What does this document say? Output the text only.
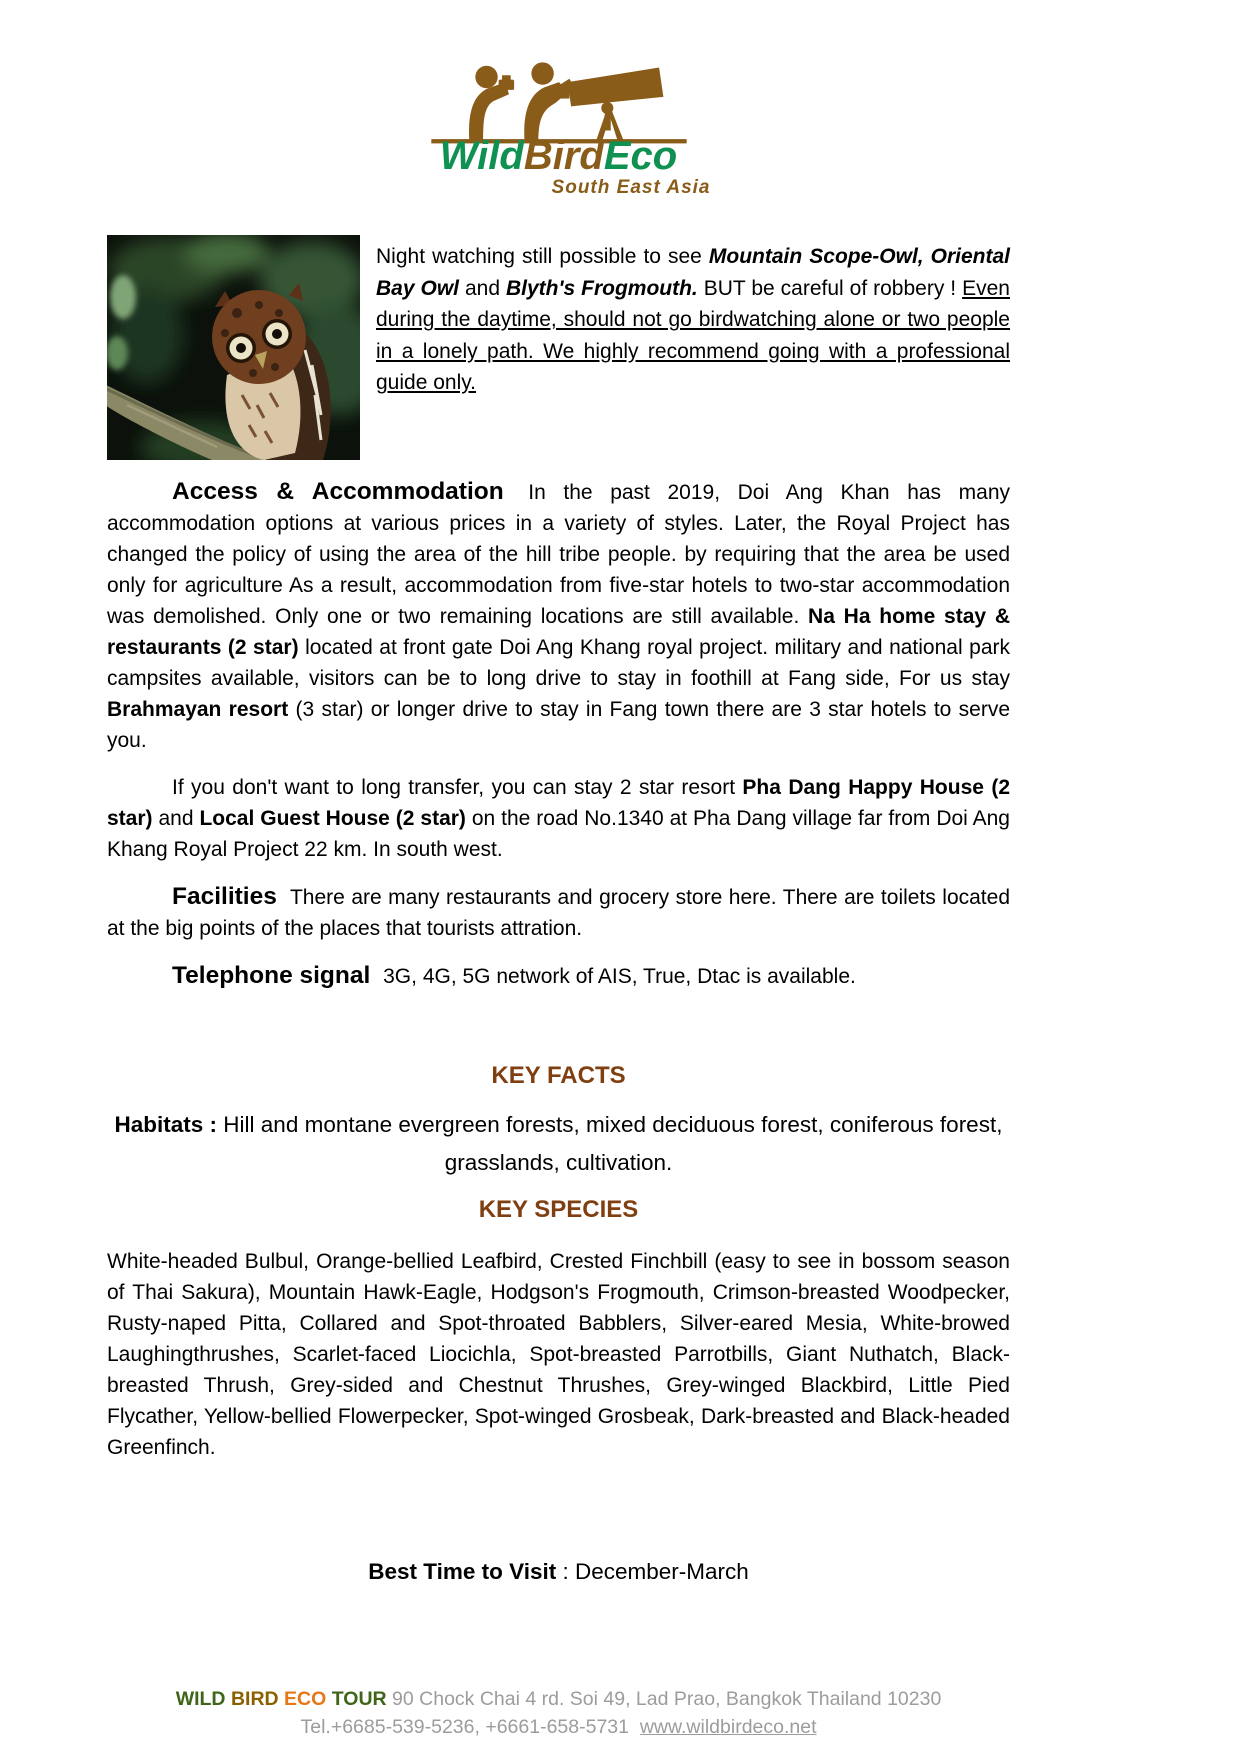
WildBirdEco
South East Asia

Night watching still possible to see Mountain Scope-Owl, Oriental Bay Owl and Blyth's Frogmouth. BUT be careful of robbery ! Even during the daytime, should not go birdwatching alone or two people in a lonely path. We highly recommend going with a professional guide only.

Access & Accommodation In the past 2019, Doi Ang Khan has many accommodation options at various prices in a variety of styles. Later, the Royal Project has changed the policy of using the area of the hill tribe people. by requiring that the area be used only for agriculture As a result, accommodation from five-star hotels to two-star accommodation was demolished. Only one or two remaining locations are still available. Na Ha home stay & restaurants (2 star) located at front gate Doi Ang Khang royal project. military and national park campsites available, visitors can be to long drive to stay in foothill at Fang side, For us stay Brahmayan resort (3 star) or longer drive to stay in Fang town there are 3 star hotels to serve you.

If you don't want to long transfer, you can stay 2 star resort Pha Dang Happy House (2 star) and Local Guest House (2 star) on the road No.1340 at Pha Dang village far from Doi Ang Khang Royal Project 22 km. In south west.

Facilities There are many restaurants and grocery store here. There are toilets located at the big points of the places that tourists attration.

Telephone signal 3G, 4G, 5G network of AIS, True, Dtac is available.

KEY FACTS

Habitats : Hill and montane evergreen forests, mixed deciduous forest, coniferous forest, grasslands, cultivation.

KEY SPECIES

White-headed Bulbul, Orange-bellied Leafbird, Crested Finchbill (easy to see in bossom season of Thai Sakura), Mountain Hawk-Eagle, Hodgson's Frogmouth, Crimson-breasted Woodpecker, Rusty-naped Pitta, Collared and Spot-throated Babblers, Silver-eared Mesia, White-browed Laughingthrushes, Scarlet-faced Liocichla, Spot-breasted Parrotbills, Giant Nuthatch, Black-breasted Thrush, Grey-sided and Chestnut Thrushes, Grey-winged Blackbird, Little Pied Flycather, Yellow-bellied Flowerpecker, Spot-winged Grosbeak, Dark-breasted and Black-headed Greenfinch.

Best Time to Visit : December-March

WILD BIRD ECO TOUR 90 Chock Chai 4 rd. Soi 49, Lad Prao, Bangkok Thailand 10230
Tel.+6685-539-5236, +6661-658-5731 www.wildbirdeco.net
